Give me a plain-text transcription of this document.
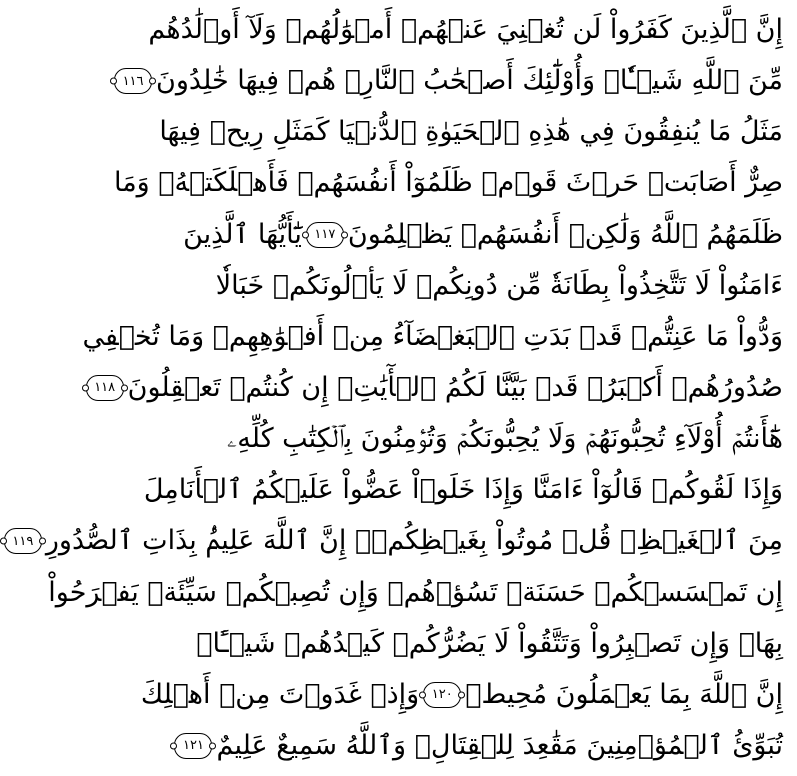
إِنَّ ٱلَّذِينَ كَفَرُواْ لَن تُغۡنِيَ عَنۡهُمۡ أَمۡوَٰلُهُمۡ وَلَآ أَوۡلَٰدُهُم
مِّنَ ٱللَّهِ شَيۡـٔٗاۖ وَأُوْلَٰٓئِكَ أَصۡحَٰبُ ٱلنَّارِۖ هُمۡ فِيهَا خَٰلِدُونَ
١١٦
مَثَلُ مَا يُنفِقُونَ فِي هَٰذِهِ ٱلۡحَيَوٰةِ ٱلدُّنۡيَا كَمَثَلِ رِيحٖ فِيهَا
صِرٌّ أَصَابَتۡ حَرۡثَ قَوۡمٖ ظَلَمُوٓاْ أَنفُسَهُمۡ فَأَهۡلَكَتۡهُۚ وَمَا
ظَلَمَهُمُ ٱللَّهُ وَلَٰكِنۡ أَنفُسَهُمۡ يَظۡلِمُونَ
١١٧
يَٰٓأَيُّهَا ٱلَّذِينَ
ءَامَنُواْ لَا تَتَّخِذُواْ بِطَانَةٗ مِّن دُونِكُمۡ لَا يَأۡلُونَكُمۡ خَبَالٗا
وَدُّواْ مَا عَنِتُّمۡ قَدۡ بَدَتِ ٱلۡبَغۡضَآءُ مِنۡ أَفۡوَٰهِهِمۡ وَمَا تُخۡفِي
صُدُورُهُمۡ أَكۡبَرُۚ قَدۡ بَيَّنَّا لَكُمُ ٱلۡأٓيَٰتِۖ إِن كُنتُمۡ تَعۡقِلُونَ
١١٨
هَٰٓأَنتُمۡ أُوْلَآءِ تُحِبُّونَهُمۡ وَلَا يُحِبُّونَكُمۡ وَتُؤۡمِنُونَ بِٱلۡكِتَٰبِ كُلِّهِۦ
وَإِذَا لَقُوكُمۡ قَالُوٓاْ ءَامَنَّا وَإِذَا خَلَوۡاْ عَضُّواْ عَلَيۡكُمُ ٱلۡأَنَامِلَ
مِنَ ٱلۡغَيۡظِۚ قُلۡ مُوتُواْ بِغَيۡظِكُمۡۗ إِنَّ ٱللَّهَ عَلِيمُۢ بِذَاتِ ٱلصُّدُورِ
١١٩
إِن تَمۡسَسۡكُمۡ حَسَنَةٞ تَسُؤۡهُمۡ وَإِن تُصِبۡكُمۡ سَيِّئَةٞ يَفۡرَحُواْ
بِهَاۖ وَإِن تَصۡبِرُواْ وَتَتَّقُواْ لَا يَضُرُّكُمۡ كَيۡدُهُمۡ شَيۡـًٔاۗ
إِنَّ ٱللَّهَ بِمَا يَعۡمَلُونَ مُحِيطٞ
١٢٠
وَإِذۡ غَدَوۡتَ مِنۡ أَهۡلِكَ
تُبَوِّئُ ٱلۡمُؤۡمِنِينَ مَقَٰعِدَ لِلۡقِتَالِۗ وَٱللَّهُ سَمِيعٌ عَلِيمٌ
١٢١
